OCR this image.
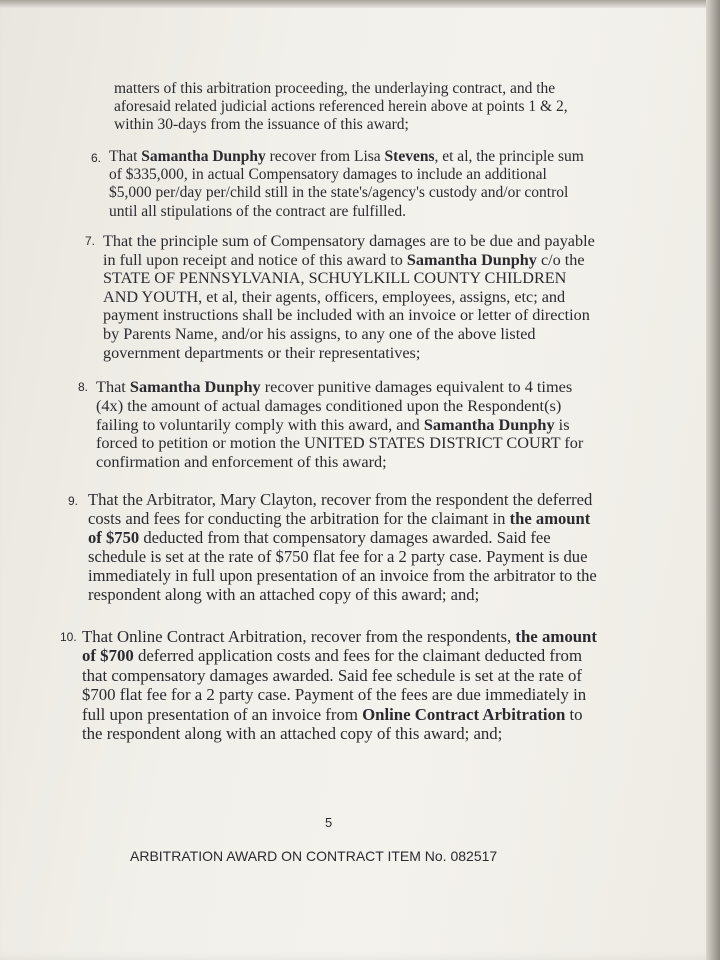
matters of this arbitration proceeding, the underlaying contract, and the
aforesaid related judicial actions referenced herein above at points 1 & 2,
within 30-days from the issuance of this award;
6. That Samantha Dunphy recover from Lisa Stevens, et al, the principle sum
of $335,000, in actual Compensatory damages to include an additional
$5,000 per/day per/child still in the state's/agency's custody and/or control
until all stipulations of the contract are fulfilled.
7. That the principle sum of Compensatory damages are to be due and payable
in full upon receipt and notice of this award to Samantha Dunphy c/o the
STATE OF PENNSYLVANIA, SCHUYLKILL COUNTY CHILDREN
AND YOUTH, et al, their agents, officers, employees, assigns, etc; and
payment instructions shall be included with an invoice or letter of direction
by Parents Name, and/or his assigns, to any one of the above listed
government departments or their representatives;
8. That Samantha Dunphy recover punitive damages equivalent to 4 times
(4x) the amount of actual damages conditioned upon the Respondent(s)
failing to voluntarily comply with this award, and Samantha Dunphy is
forced to petition or motion the UNITED STATES DISTRICT COURT for
confirmation and enforcement of this award;
9. That the Arbitrator, Mary Clayton, recover from the respondent the deferred
costs and fees for conducting the arbitration for the claimant in the amount
of $750 deducted from that compensatory damages awarded. Said fee
schedule is set at the rate of $750 flat fee for a 2 party case. Payment is due
immediately in full upon presentation of an invoice from the arbitrator to the
respondent along with an attached copy of this award; and;
10. That Online Contract Arbitration, recover from the respondents, the amount
of $700 deferred application costs and fees for the claimant deducted from
that compensatory damages awarded. Said fee schedule is set at the rate of
$700 flat fee for a 2 party case. Payment of the fees are due immediately in
full upon presentation of an invoice from Online Contract Arbitration to
the respondent along with an attached copy of this award; and;
5
ARBITRATION AWARD ON CONTRACT ITEM No. 082517
